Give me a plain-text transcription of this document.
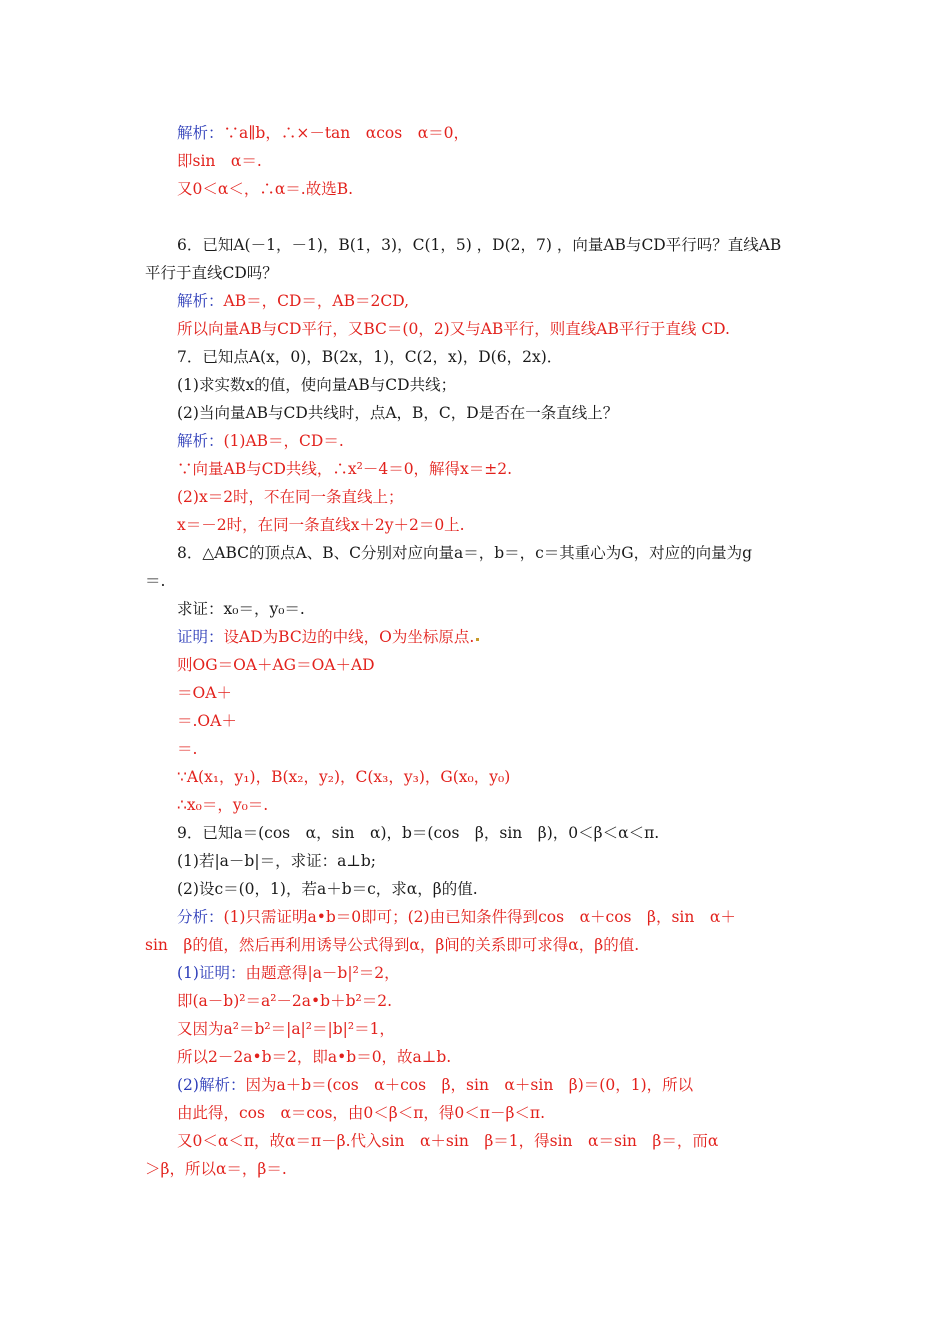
解析：∵a∥b，∴×－tan　αcos　α＝0，
即sin　α＝.
又0＜α＜，∴α＝.故选B.
6．已知A(－1，－1)，B(1，3)，C(1，5) ，D(2，7) ，向量AB与CD平行吗？直线AB
平行于直线CD吗？
解析：AB＝，CD＝，AB＝2CD,
所以向量AB与CD平行，又BC＝(0，2)又与AB平行，则直线AB平行于直线 CD.
7．已知点A(x，0)，B(2x，1)，C(2，x)，D(6，2x)．
(1)求实数x的值，使向量AB与CD共线；
(2)当向量AB与CD共线时，点A，B，C，D是否在一条直线上？
解析：(1)AB＝，CD＝.
∵向量AB与CD共线，∴x²－4＝0，解得x＝±2.
(2)x＝2时，不在同一条直线上；
x＝－2时，在同一条直线x＋2y＋2＝0上.
8．△ABC的顶点A、B、C分别对应向量a＝，b＝，c＝其重心为G，对应的向量为g
＝.
求证：x₀＝，y₀＝.
证明：设AD为BC边的中线，O为坐标原点.
则OG＝OA＋AG＝OA＋AD
＝OA＋
＝.OA＋
＝.
∵A(x₁，y₁)，B(x₂，y₂)，C(x₃，y₃)，G(x₀，y₀)
∴x₀＝，y₀＝.
9．已知a＝(cos　α，sin　α)，b＝(cos　β，sin　β)，0＜β＜α＜π.
(1)若|a－b|＝，求证：a⊥b;
(2)设c＝(0，1)，若a＋b＝c，求α，β的值.
分析：(1)只需证明a•b＝0即可；(2)由已知条件得到cos　α＋cos　β，sin　α＋
sin　β的值，然后再利用诱导公式得到α，β间的关系即可求得α，β的值.
(1)证明：由题意得|a－b|²＝2，
即(a－b)²＝a²－2a•b＋b²＝2.
又因为a²＝b²＝|a|²＝|b|²＝1，
所以2－2a•b＝2，即a•b＝0，故a⊥b.
(2)解析：因为a＋b＝(cos　α＋cos　β，sin　α＋sin　β)＝(0，1)，所以
由此得，cos　α＝cos，由0＜β＜π，得0＜π－β＜π.
又0＜α＜π，故α＝π－β.代入sin　α＋sin　β＝1，得sin　α＝sin　β＝，而α
＞β，所以α＝，β＝.
